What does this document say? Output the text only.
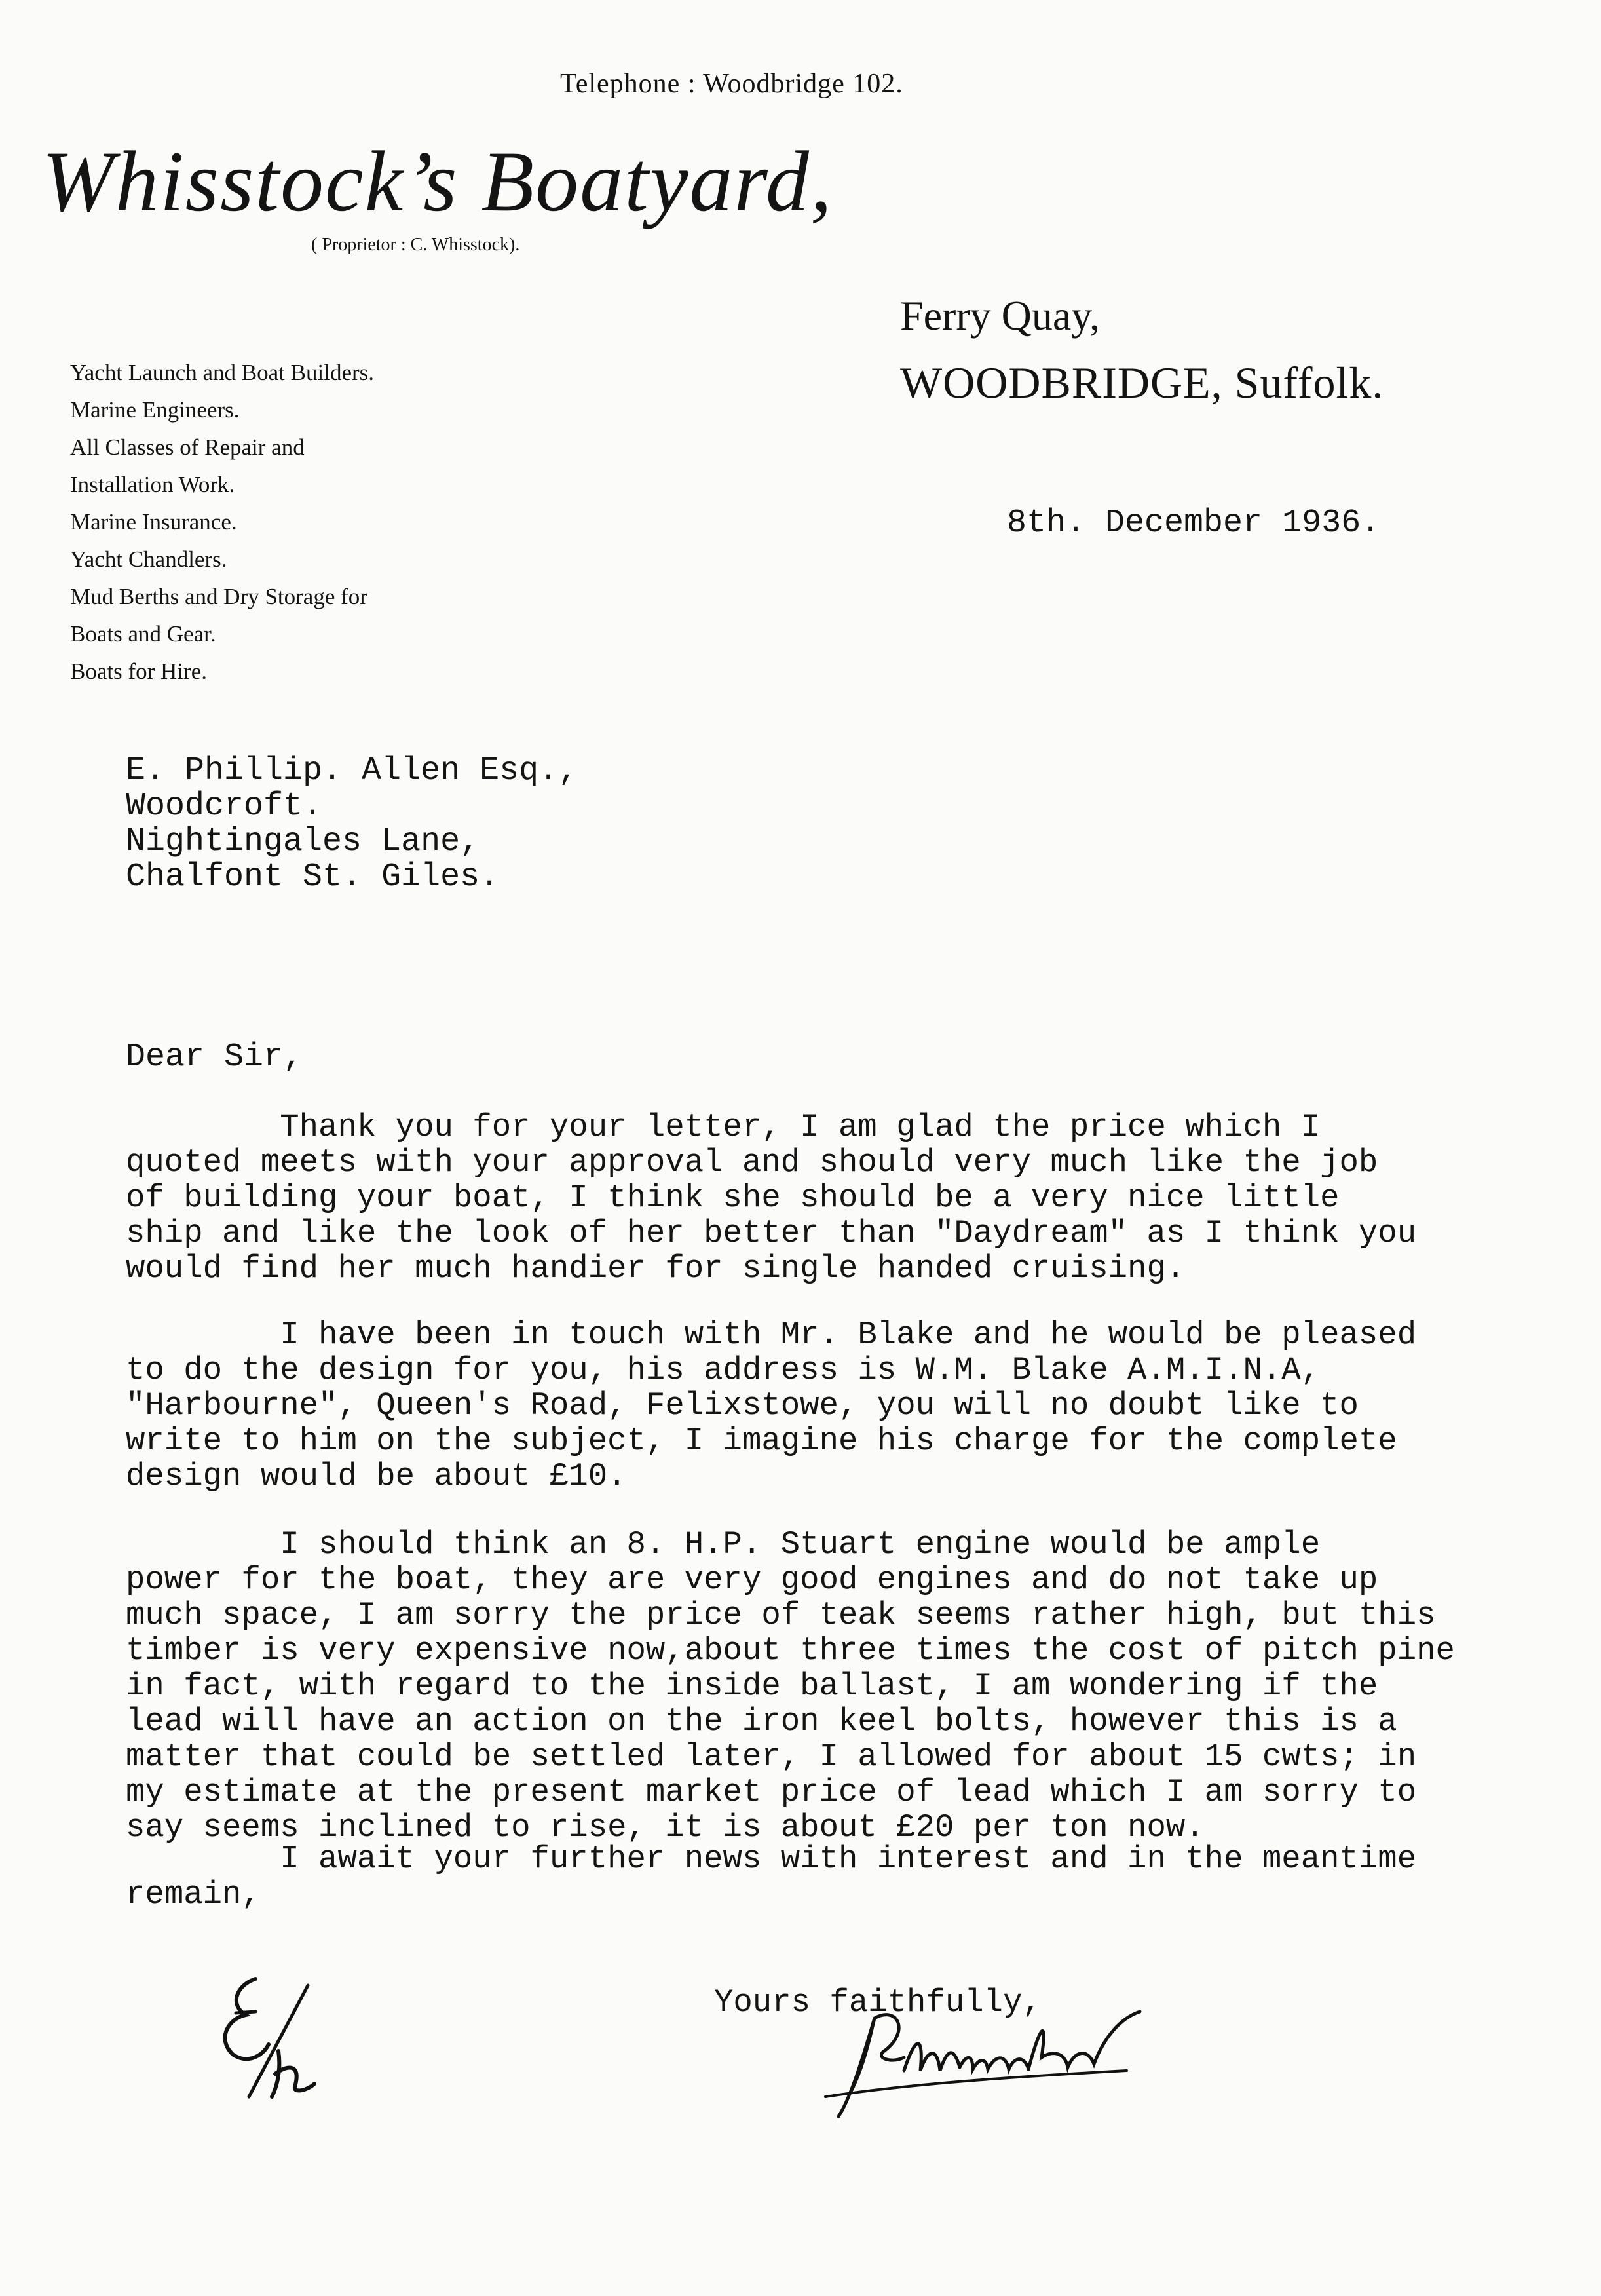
Telephone : Woodbridge 102.
Whisstock’s Boatyard,
( Proprietor : C. Whisstock).
Yacht Launch and Boat Builders.
Marine Engineers.
All Classes of Repair and
Installation Work.
Marine Insurance.
Yacht Chandlers.
Mud Berths and Dry Storage for
Boats and Gear.
Boats for Hire.
Ferry Quay,
WOODBRIDGE, Suffolk.
8th. December 1936.
E. Phillip. Allen Esq.,
Woodcroft.
Nightingales Lane,
Chalfont St. Giles.
Dear Sir,
Thank you for your letter, I am glad the price which I
quoted meets with your approval and should very much like the job
of building your boat, I think she should be a very nice little
ship and like the look of her better than "Daydream" as I think you
would find her much handier for single handed cruising.
I have been in touch with Mr. Blake and he would be pleased
to do the design for you, his address is W.M. Blake A.M.I.N.A,
"Harbourne", Queen's Road, Felixstowe, you will no doubt like to
write to him on the subject, I imagine his charge for the complete
design would be about £10.
I should think an 8. H.P. Stuart engine would be ample
power for the boat, they are very good engines and do not take up
much space, I am sorry the price of teak seems rather high, but this
timber is very expensive now,about three times the cost of pitch pine
in fact, with regard to the inside ballast, I am wondering if the
lead will have an action on the iron keel bolts, however this is a
matter that could be settled later, I allowed for about 15 cwts; in
my estimate at the present market price of lead which I am sorry to
say seems inclined to rise, it is about £20 per ton now.
I await your further news with interest and in the meantime
remain,
Yours faithfully,
